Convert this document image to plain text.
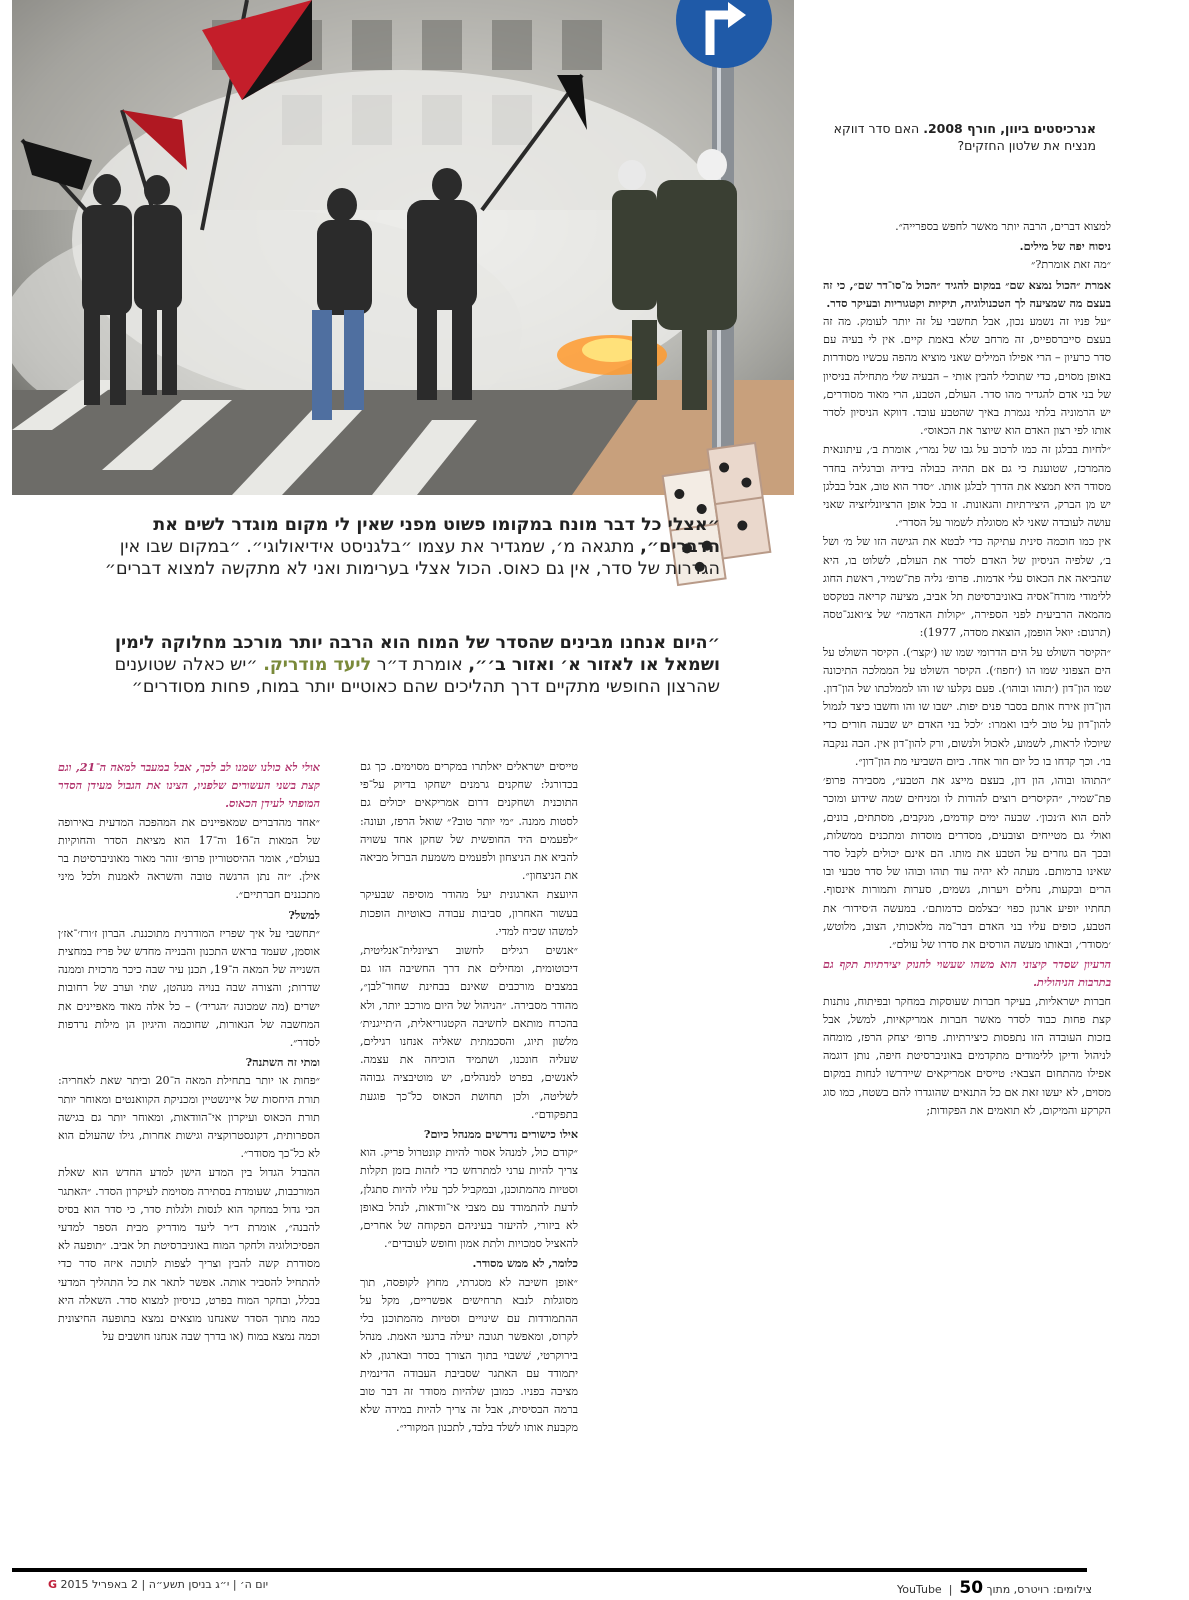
אנרכיסטים ביוון, חורף 2008. האם סדר דווקא מנציח את שלטון החזקים?
״אצלי כל דבר מונח במקומו פשוט מפני שאין לי מקום מוגדר לשים את הדברים״, מתגאה מ׳, שמגדיר את עצמו ״בלגניסט אידיאולוגי״. ״במקום שבו אין הגדרות של סדר, אין גם כאוס. הכול אצלי בערימות ואני לא מתקשה למצוא דברים״
״היום אנחנו מבינים שהסדר של המוח הוא הרבה יותר מורכב מחלוקה לימין ושמאל או לאזור א׳ ואזור ב׳״, אומרת ד״ר ליעד מודריק. ״יש כאלה שטוענים שהרצון החופשי מתקיים דרך תהליכים שהם כאוטיים יותר במוח, פחות מסודרים״

למצוא דברים, הרבה יותר מאשר לחפש בספרייה״.

ניסוח יפה של מילים.

״מה זאת אומרת?״

אמרת ״הכול נמצא שם״ במקום להגיד ״הכול מ־סו־דר שם״, כי זה בעצם מה שמציעה לך הטכנולוגיה, תיקיות וקטגוריות ובעיקר סדר.

״על פניו זה נשמע נכון, אבל תחשבי על זה יותר לעומק. מה זה בעצם סייברספייס, זה מרחב שלא באמת קיים. אין לי בעיה עם סדר כרעיון – הרי אפילו המילים שאני מוציא מהפה עכשיו מסודרות באופן מסוים, כדי שתוכלי להבין אותי – הבעיה שלי מתחילה בניסיון של בני אדם להגדיר מהו סדר. העולם, הטבע, הרי מאוד מסודרים, יש הרמוניה בלתי נגמרת באיך שהטבע עובד. דווקא הניסיון לסדר אותו לפי רצון האדם הוא שיוצר את הכאוס״.

״לחיות בבלגן זה כמו לרכוב על גבו של נמר״, אומרת ב׳, עיתונאית מהמרכז, שטוענת כי גם אם תהיה כבולה בידיה וברגליה בחדר מסודר היא תמצא את הדרך לבלגן אותו. ״סדר הוא טוב, אבל בבלגן יש מן הברק, היצירתיות והגאונות. זו בכל אופן הרציונליזציה שאני עושה לעובדה שאני לא מסוגלת לשמור על הסדר״.

אין כמו חוכמה סינית עתיקה כדי לבטא את הגישה הזו של מ׳ ושל ב׳, שלפיה הניסיון של האדם לסדר את העולם, לשלוט בו, היא שהביאה את הכאוס עלי אדמות. פרופ׳ גליה פת־שמיר, ראשת החוג ללימודי מזרח־אסיה באוניברסיטת תל אביב, מציעה קריאה בטקסט מהמאה הרביעית לפני הספירה, ״קולות האדמה״ של צ׳ואנג־טסה (תרגום: יואל הופמן, הוצאת מסדה, 1977):

״הקיסר השולט על הים הדרומי שמו שו (׳קצר׳). הקיסר השולט על הים הצפוני שמו הו (׳חפוז׳). הקיסר השולט על הממלכה התיכונה שמו הון־דון (׳תוהו ובוהו׳). פעם נקלעו שו והו לממלכתו של הון־דון. הון־דון אירח אותם בסבר פנים יפות. ישבו שו והו וחשבו כיצד לגמול להון־דון על טוב ליבו ואמרו: ׳לכל בני האדם יש שבעה חורים כדי שיוכלו לראות, לשמוע, לאכול ולנשום, ורק להון־דון אין. הבה ננקבה בו׳. וכך קדחו בו כל יום חור אחד. ביום השביעי מת הון־דון״.

״התוהו ובוהו, הון דון, בעצם מייצג את הטבע״, מסבירה פרופ׳ פת־שמיר, ״הקיסרים רוצים להודות לו ומניחים שמה שידוע ומוכר להם הוא ה׳נכון׳. שבעה ימים קודמים, מנקבים, מסתתים, בונים, ואולי גם מטייחים וצובעים, מסדרים מוסדות ומתכנים ממשלות, ובכך הם גוזרים על הטבע את מותו. הם אינם יכולים לקבל סדר שאינו ברמותם. מעתה לא יהיה עוד תוהו ובוהו של סדר טבעי ובו הרים ובקעות, נחלים ויערות, גשמים, סערות ותמורות אינסוף. תחתיו יופיע ארגון כפוי ׳בצלמם כדמותם׳. במעשה ה׳סידור׳ את הטבע, כופים עליו בני האדם דבר־מה מלאכותי, הצוב, מלוטש, ׳מסודר׳, ובאותו מעשה הורסים את סדרו של עולם״.

הרעיון שסדר קיצוני הוא משהו שעשוי לחנוק יצירתיות תקף גם בתרבות הניהולית.

חברות ישראליות, בעיקר חברות שעוסקות במחקר ובפיתוח, נותנות קצת פחות כבוד לסדר מאשר חברות אמריקאיות, למשל, אבל בזכות העובדה הזו נתפסות כיצירתיות. פרופ׳ יצחק הרפז, מומחה לניהול ודיקן ללימודים מתקדמים באוניברסיטת חיפה, נותן דוגמה אפילו מהתחום הצבאי: טייסים אמריקאים שיידרשו לנחות במקום מסוים, לא יעשו זאת אם כל התנאים שהוגדרו להם בשטח, כמו סוג הקרקע והמיקום, לא תואמים את הפקודות;

טייסים ישראלים יאלתרו במקרים מסוימים. כך גם בכדורגל: שחקנים גרמנים ישחקו בדיוק על־פי התוכנית ושחקנים דרום אמריקאים יכולים גם לסטות ממנה. ״מי יותר טוב?״ שואל הרפז, ועונה: ״לפעמים היד החופשית של שחקן אחד עשויה להביא את הניצחון ולפעמים משמעת הברזל מביאה את הניצחון״.

היועצת הארגונית יעל מהודר מוסיפה שבעיקר בעשור האחרון, סביבות עבודה כאוטיות הופכות למשהו שכיח למדי.

״אנשים רגילים לחשוב רציונלית־אנליטית, דיכוטומית, ומחילים את דרך החשיבה הזו גם במצבים מורכבים שאינם בבחינת שחור־לבן״, מהודר מסבירה. ״הניהול של היום מורכב יותר, ולא בהכרח מותאם לחשיבה הקטגוריאלית, ה׳תייגנית׳ מלשון תיוג, והסכמתית שאליה אנחנו רגילים, שעליה חונכנו, ושתמיד הוכיחה את עצמה. לאנשים, בפרט למנהלים, יש מוטיבציה גבוהה לשליטה, ולכן תחושת הכאוס כל־כך פוגעת בתפקודם״.

אילו כישורים נדרשים ממנהל כיום?

״קודם כול, למנהל אסור להיות קונטרול פריק. הוא צריך להיות ערני למתרחש כדי לזהות בזמן תקלות וסטיות מהמתוכנן, ובמקביל לכך עליו להיות סתגלן, לדעת להתמודד עם מצבי אי־וודאות, לנהל באופן לא ביזורי, להיעזר בעיניהם הפקוחה של אחרים, להאציל סמכויות ולתת אמון וחופש לעובדים״.

כלומר, לא ממש מסודר.

״אופן חשיבה לא מסגרתי, מחוץ לקופסה, תוך מסוגלות לנבא תרחישים אפשריים, מקל על ההתמודדות עם שינויים וסטיות מהמתוכנן בלי לקרוס, ומאפשר תגובה יעילה ברגעי האמת. מנהל בירוקרטי, שׁשבוי בתוך הצורך בסדר ובארגון, לא יתמודד עם האתגר שסביבת העבודה הדינמית מציבה בפניו. כמובן שלהיות מסודר זה דבר טוב ברמה הבסיסית, אבל זה צריך להיות במידה שלא מקבעת אותו לשלד בלבד, לתכנון המקורי״.

אולי לא כולנו שמנו לב לכך, אבל במעבר למאה ה־21, וגם קצת בשני העשורים שלפניו, הצינו את הגבול מעידן הסדר המופתי לעידן הכאוס.

״אחד מהדברים שמאפיינים את המהפכה המדעית באירופה של המאות ה־16 וה־17 הוא מציאת הסדר והחוקיות בעולם״, אומר ההיסטוריון פרופ׳ זוהר מאור מאוניברסיטת בר אילן. ״זה נתן הרגשה טובה והשראה לאמנות ולכל מיני מתכננים חברתיים״.

למשל?

״תחשבי על איך שפריז המודרנית מתוכננת. הברון ז׳ורז׳־אז׳ן אוסמן, שעמד בראש התכנון והבנייה מחדש של פריז במחצית השנייה של המאה ה־19, תכנן עיר שבה כיכר מרכזית וממנה שדרות; והצורה שבה בנויה מנהטן, שתי וערב של רחובות ישרים (מה שמכונה ׳הגריד׳) – כל אלה מאוד מאפיינים את המחשבה של הנאורות, שחוכמה והיגיון הן מילות נרדפות לסדר״.

ומתי זה השתנה?

״פחות או יותר בתחילת המאה ה־20 וביתר שאת לאחריה: תורת היחסות של איינשטיין ומכניקת הקוואנטים ומאוחר יותר תורת הכאוס ועיקרון אי־הוודאות, ומאוחר יותר גם בגישה הספרותית, דקונסטרוקציה וגישות אחרות, גילו שהעולם הוא לא כל־כך מסודר״.

ההבדל הגדול בין המדע הישן למדע החדש הוא שאלת המורכבות, שעומדת בסתירה מסוימת לעיקרון הסדר. ״האתגר הכי גדול במחקר הוא לנסות ולגלות סדר, כי סדר הוא בסיס להבנה״, אומרת ד״ר ליעד מודריק מבית הספר למדעי הפסיכולוגיה ולחקר המוח באוניברסיטת תל אביב. ״תופעה לא מסודרת קשה להבין וצריך לצפות לתוכה איזה סדר כדי להתחיל להסביר אותה. אפשר לתאר את כל התהליך המדעי בכלל, ובחקר המוח בפרט, כניסיון למצוא סדר. השאלה היא כמה מתוך הסדר שאנחנו מוצאים נמצא בתופעה החיצונית וכמה נמצא במוח (או בדרך שבה אנחנו חושבים על

יום ה׳ | י״ג בניסן תשע״ה | 2 באפריל 2015 G	צילומים: רויטרס, מתוך YouTube  |  50
